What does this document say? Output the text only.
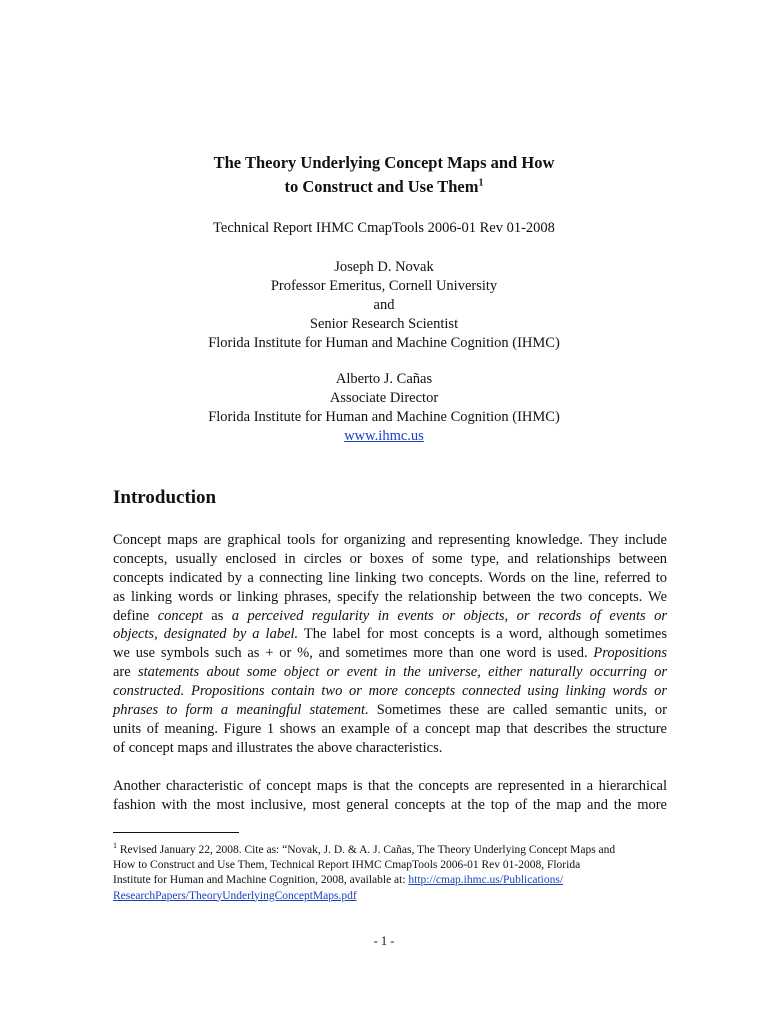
The Theory Underlying Concept Maps and How
to Construct and Use Them$^1$
Technical Report IHMC CmapTools 2006-01 Rev 01-2008
Joseph D. Novak
Professor Emeritus, Cornell University
and
Senior Research Scientist
Florida Institute for Human and Machine Cognition (IHMC)
Alberto J. Cañas
Associate Director
Florida Institute for Human and Machine Cognition (IHMC)
www.ihmc.us
Introduction
Concept maps are graphical tools for organizing and representing knowledge. They include
concepts, usually enclosed in circles or boxes of some type, and relationships between
concepts indicated by a connecting line linking two concepts. Words on the line, referred to
as linking words or linking phrases, specify the relationship between the two concepts. We
define concept as a perceived regularity in events or objects, or records of events or
objects, designated by a label. The label for most concepts is a word, although sometimes
we use symbols such as + or %, and sometimes more than one word is used. Propositions
are statements about some object or event in the universe, either naturally occurring or
constructed. Propositions contain two or more concepts connected using linking words or
phrases to form a meaningful statement. Sometimes these are called semantic units, or
units of meaning. Figure 1 shows an example of a concept map that describes the structure
of concept maps and illustrates the above characteristics.
Another characteristic of concept maps is that the concepts are represented in a hierarchical
fashion with the most inclusive, most general concepts at the top of the map and the more
$^1$ Revised January 22, 2008. Cite as: “Novak, J. D. & A. J. Cañas, The Theory Underlying Concept Maps and
How to Construct and Use Them, Technical Report IHMC CmapTools 2006-01 Rev 01-2008, Florida
Institute for Human and Machine Cognition, 2008, available at: http://cmap.ihmc.us/Publications/
ResearchPapers/TheoryUnderlyingConceptMaps.pdf
- 1 -
